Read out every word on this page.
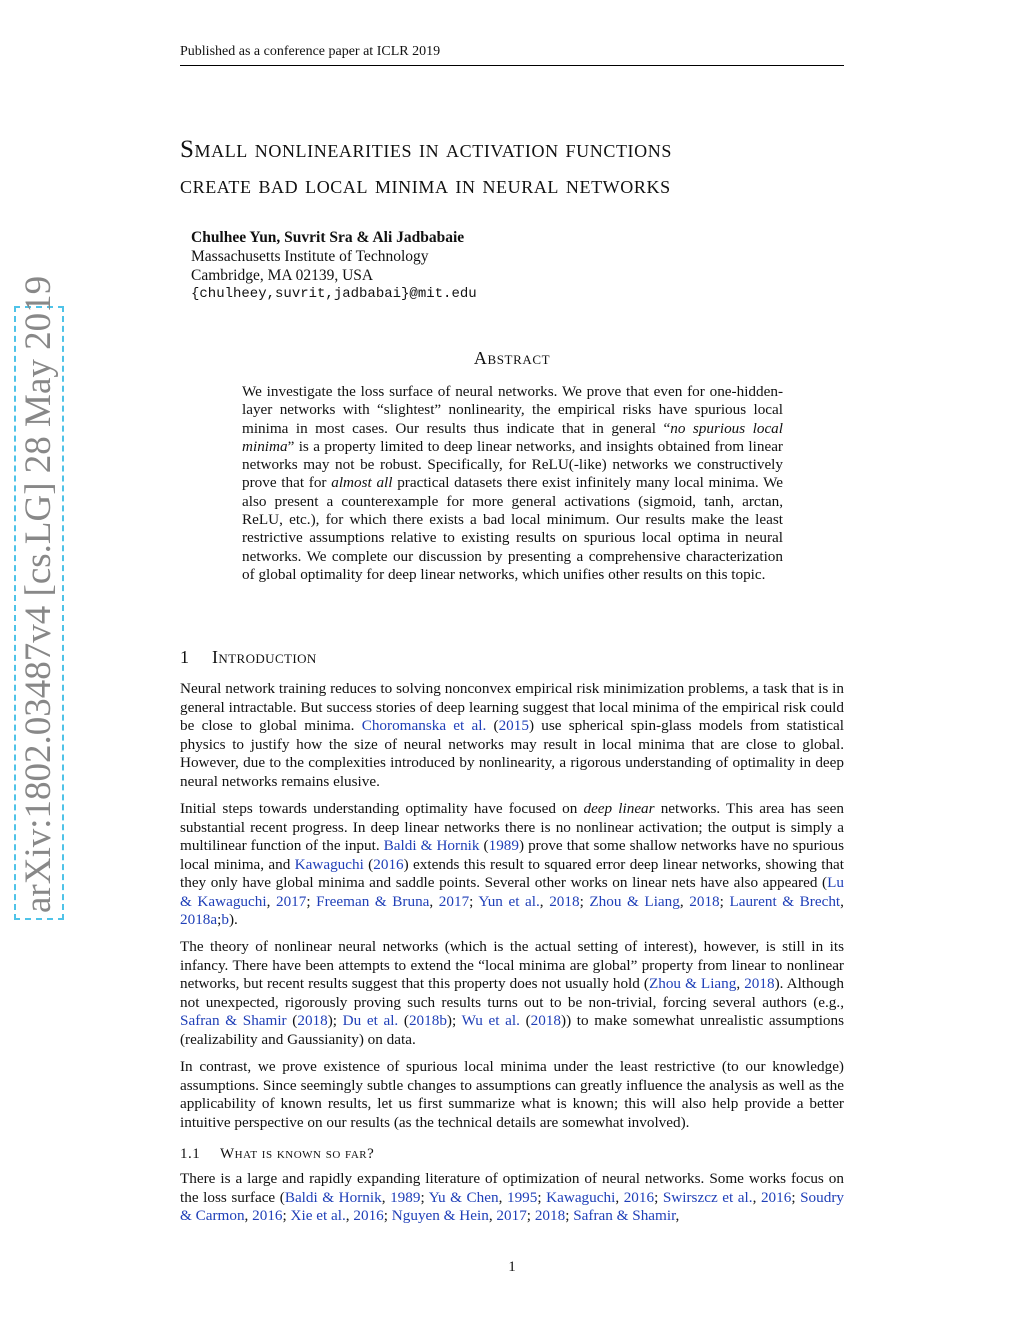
Published as a conference paper at ICLR 2019
arXiv:1802.03487v4 [cs.LG] 28 May 2019
Small nonlinearities in activation functions
create bad local minima in neural networks
Chulhee Yun, Suvrit Sra & Ali Jadbabaie
Massachusetts Institute of Technology
Cambridge, MA 02139, USA
{chulheey,suvrit,jadbabai}@mit.edu
Abstract

We investigate the loss surface of neural networks. We prove that even for one-hidden-layer networks with “slightest” nonlinearity, the empirical risks have spurious local minima in most cases. Our results thus indicate that in general “no spurious local minima” is a property limited to deep linear networks, and insights obtained from linear networks may not be robust. Specifically, for ReLU(-like) networks we constructively prove that for almost all practical datasets there exist infinitely many local minima. We also present a counterexample for more general activations (sigmoid, tanh, arctan, ReLU, etc.), for which there exists a bad local minimum. Our results make the least restrictive assumptions relative to existing results on spurious local optima in neural networks. We complete our discussion by presenting a comprehensive characterization of global optimality for deep linear networks, which unifies other results on this topic.

1 Introduction

Neural network training reduces to solving nonconvex empirical risk minimization problems, a task that is in general intractable. But success stories of deep learning suggest that local minima of the empirical risk could be close to global minima. Choromanska et al. (2015) use spherical spin-glass models from statistical physics to justify how the size of neural networks may result in local minima that are close to global. However, due to the complexities introduced by nonlinearity, a rigorous understanding of optimality in deep neural networks remains elusive.

Initial steps towards understanding optimality have focused on deep linear networks. This area has seen substantial recent progress. In deep linear networks there is no nonlinear activation; the output is simply a multilinear function of the input. Baldi & Hornik (1989) prove that some shallow networks have no spurious local minima, and Kawaguchi (2016) extends this result to squared error deep linear networks, showing that they only have global minima and saddle points. Several other works on linear nets have also appeared (Lu & Kawaguchi, 2017; Freeman & Bruna, 2017; Yun et al., 2018; Zhou & Liang, 2018; Laurent & Brecht, 2018a;b).

The theory of nonlinear neural networks (which is the actual setting of interest), however, is still in its infancy. There have been attempts to extend the “local minima are global” property from linear to nonlinear networks, but recent results suggest that this property does not usually hold (Zhou & Liang, 2018). Although not unexpected, rigorously proving such results turns out to be non-trivial, forcing several authors (e.g., Safran & Shamir (2018); Du et al. (2018b); Wu et al. (2018)) to make somewhat unrealistic assumptions (realizability and Gaussianity) on data.

In contrast, we prove existence of spurious local minima under the least restrictive (to our knowledge) assumptions. Since seemingly subtle changes to assumptions can greatly influence the analysis as well as the applicability of known results, let us first summarize what is known; this will also help provide a better intuitive perspective on our results (as the technical details are somewhat involved).

1.1 What is known so far?

There is a large and rapidly expanding literature of optimization of neural networks. Some works focus on the loss surface (Baldi & Hornik, 1989; Yu & Chen, 1995; Kawaguchi, 2016; Swirszcz et al., 2016; Soudry & Carmon, 2016; Xie et al., 2016; Nguyen & Hein, 2017; 2018; Safran & Shamir,

1
